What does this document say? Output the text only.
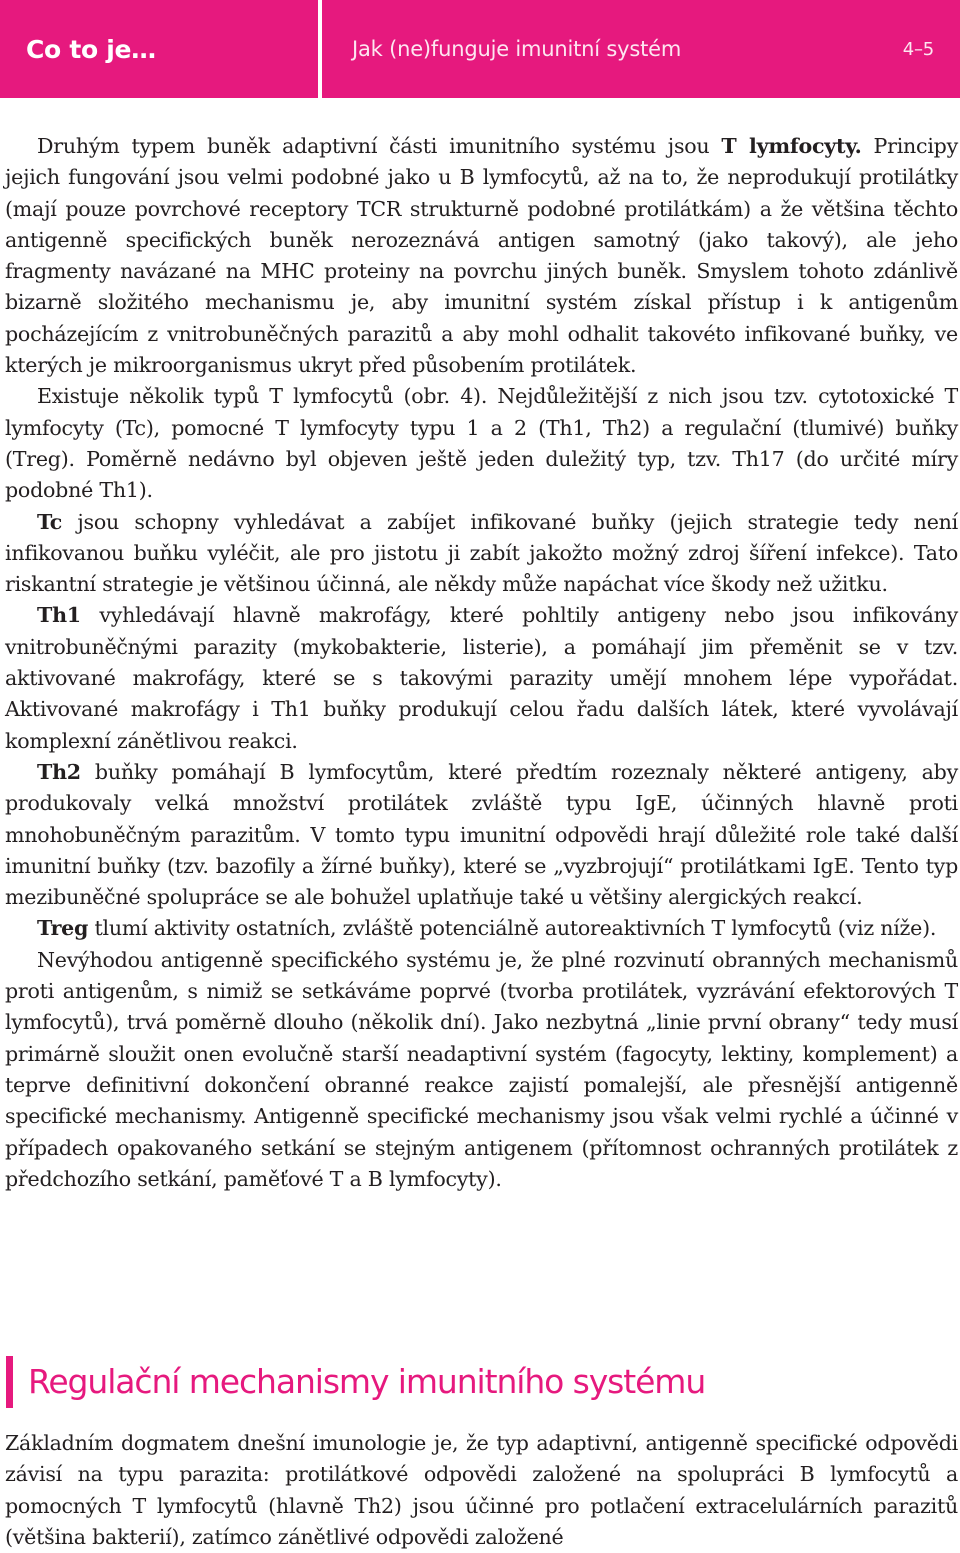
Co to je…	Jak (ne)funguje imunitní systém	4–5

Druhým typem buněk adaptivní části imunitního systému jsou T lymfocyty. Principy jejich fungování jsou velmi podobné jako u B lymfocytů, až na to, že neprodukují protilátky (mají pouze povrchové receptory TCR strukturně podobné protilátkám) a že většina těchto antigenně specifických buněk nerozeznává antigen samotný (jako takový), ale jeho fragmenty navázané na MHC proteiny na povrchu jiných buněk. Smyslem tohoto zdánlivě bizarně složitého mechanismu je, aby imunitní systém získal přístup i k antigenům pocházejícím z vnitrobuněčných parazitů a aby mohl odhalit takovéto infikované buňky, ve kterých je mikroorganismus ukryt před působením protilátek.

Existuje několik typů T lymfocytů (obr. 4). Nejdůležitější z nich jsou tzv. cytotoxické T lymfocyty (Tc), pomocné T lymfocyty typu 1 a 2 (Th1, Th2) a regulační (tlumivé) buňky (Treg). Poměrně nedávno byl objeven ještě jeden duležitý typ, tzv. Th17 (do určité míry podobné Th1).

Tc jsou schopny vyhledávat a zabíjet infikované buňky (jejich strategie tedy není infikovanou buňku vyléčit, ale pro jistotu ji zabít jakožto možný zdroj šíření infekce). Tato riskantní strategie je většinou účinná, ale někdy může napáchat více škody než užitku.

Th1 vyhledávají hlavně makrofágy, které pohltily antigeny nebo jsou infikovány vnitrobuněčnými parazity (mykobakterie, listerie), a pomáhají jim přeměnit se v tzv. aktivované makrofágy, které se s takovými parazity umějí mnohem lépe vypořádat. Aktivované makrofágy i Th1 buňky produkují celou řadu dalších látek, které vyvolávají komplexní zánětlivou reakci.

Th2 buňky pomáhají B lymfocytům, které předtím rozeznaly některé antigeny, aby produkovaly velká množství protilátek zvláště typu IgE, účinných hlavně proti mnohobuněčným parazitům. V tomto typu imunitní odpovědi hrají důležité role také další imunitní buňky (tzv. bazofily a žírné buňky), které se „vyzbrojují“ protilátkami IgE. Tento typ mezibuněčné spolupráce se ale bohužel uplatňuje také u většiny alergických reakcí.

Treg tlumí aktivity ostatních, zvláště potenciálně autoreaktivních T lymfocytů (viz níže).

Nevýhodou antigenně specifického systému je, že plné rozvinutí obranných mechanismů proti antigenům, s nimiž se setkáváme poprvé (tvorba protilátek, vyzrávání efektorových T lymfocytů), trvá poměrně dlouho (několik dní). Jako nezbytná „linie první obrany“ tedy musí primárně sloužit onen evolučně starší neadaptivní systém (fagocyty, lektiny, komplement) a teprve definitivní dokončení obranné reakce zajistí pomalejší, ale přesnější antigenně specifické mechanismy. Antigenně specifické mechanismy jsou však velmi rychlé a účinné v případech opakovaného setkání se stejným antigenem (přítomnost ochranných protilátek z předchozího setkání, paměťové T a B lymfocyty).

Regulační mechanismy imunitního systému

Základním dogmatem dnešní imunologie je, že typ adaptivní, antigenně specifické odpovědi závisí na typu parazita: protilátkové odpovědi založené na spolupráci B lymfocytů a pomocných T lymfocytů (hlavně Th2) jsou účinné pro potlačení extracelulárních parazitů (většina bakterií), zatímco zánětlivé odpovědi založené
